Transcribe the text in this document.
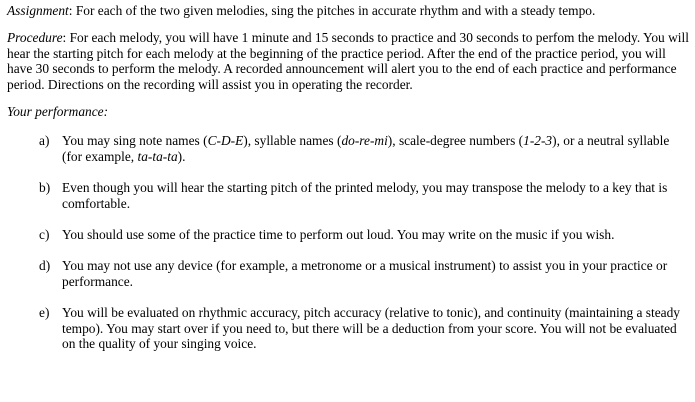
Assignment: For each of the two given melodies, sing the pitches in accurate rhythm and with a steady tempo.

Procedure: For each melody, you will have 1 minute and 15 seconds to practice and 30 seconds to perfom the melody. You will hear the starting pitch for each melody at the beginning of the practice period. After the end of the practice period, you will have 30 seconds to perform the melody. A recorded announcement will alert you to the end of each practice and performance period. Directions on the recording will assist you in operating the recorder.

Your performance:

a) You may sing note names (C-D-E), syllable names (do-re-mi), scale-degree numbers (1-2-3), or a neutral syllable (for example, ta-ta-ta).
b) Even though you will hear the starting pitch of the printed melody, you may transpose the melody to a key that is comfortable.
c) You should use some of the practice time to perform out loud. You may write on the music if you wish.
d) You may not use any device (for example, a metronome or a musical instrument) to assist you in your practice or performance.
e) You will be evaluated on rhythmic accuracy, pitch accuracy (relative to tonic), and continuity (maintaining a steady tempo). You may start over if you need to, but there will be a deduction from your score. You will not be evaluated on the quality of your singing voice.
